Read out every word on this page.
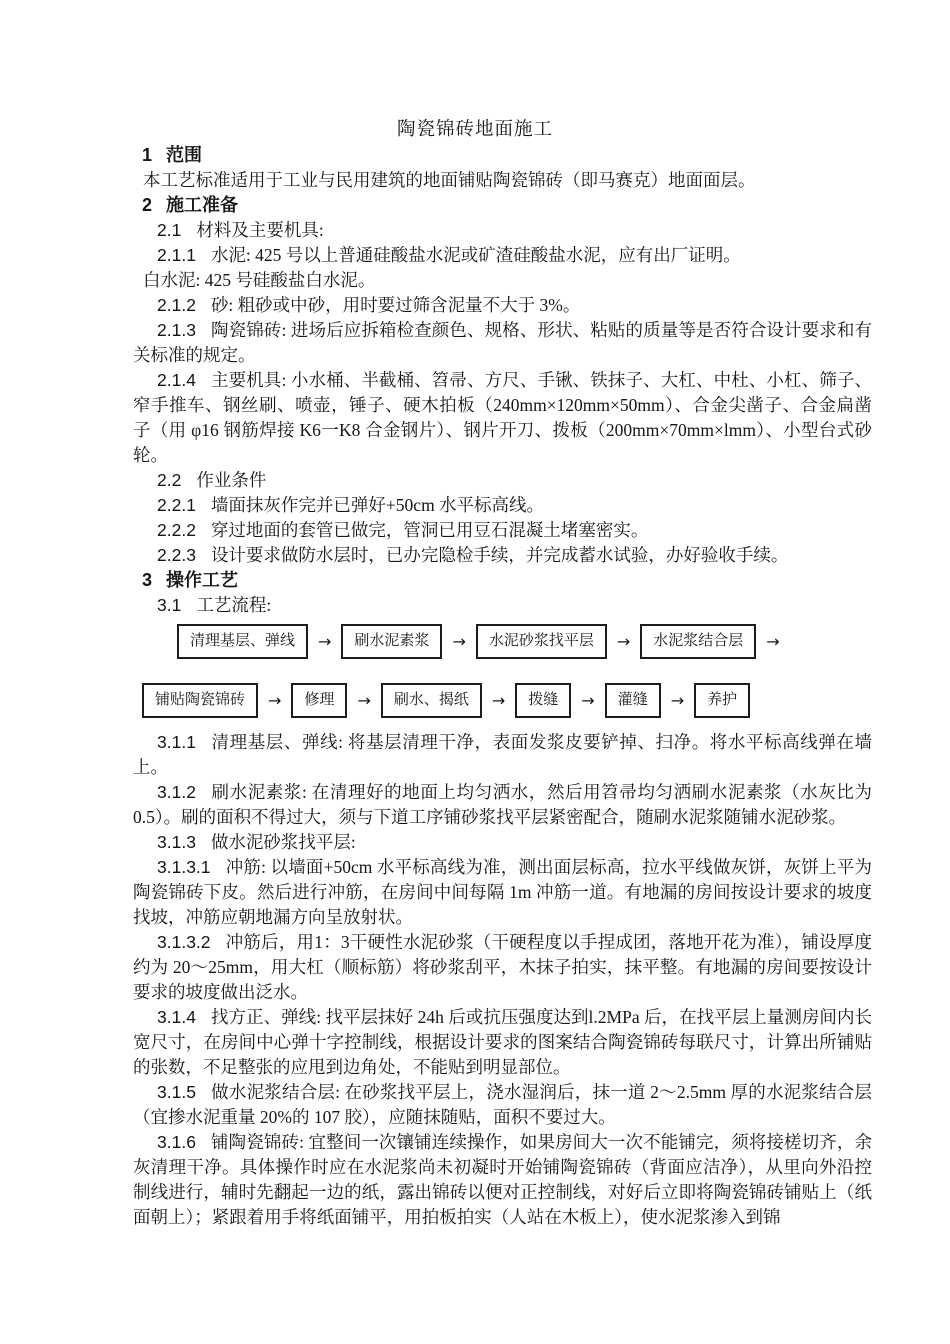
陶瓷锦砖地面施工
1 范围

本工艺标准适用于工业与民用建筑的地面铺贴陶瓷锦砖（即马赛克）地面面层。

2 施工准备

2.1 材料及主要机具:

2.1.1 水泥: 425 号以上普通硅酸盐水泥或矿渣硅酸盐水泥，应有出厂证明。

白水泥: 425 号硅酸盐白水泥。

2.1.2 砂: 粗砂或中砂，用时要过筛含泥量不大于 3%。

2.1.3 陶瓷锦砖: 进场后应拆箱检查颜色、规格、形状、粘贴的质量等是否符合设计要求和有关标准的规定。

2.1.4 主要机具: 小水桶、半截桶、笤帚、方尺、手锹、铁抹子、大杠、中杜、小杠、筛子、窄手推车、钢丝刷、喷壶，锤子、硬木拍板（240mm×120mm×50mm）、合金尖凿子、合金扁凿子（用 φ16 钢筋焊接 K6一K8 合金钢片）、钢片开刀、拨板（200mm×70mm×lmm）、小型台式砂轮。

2.2 作业条件

2.2.1 墙面抹灰作完并已弹好+50cm 水平标高线。

2.2.2 穿过地面的套管已做完，管洞已用豆石混凝土堵塞密实。

2.2.3 设计要求做防水层时，已办完隐检手续，并完成蓄水试验，办好验收手续。

3 操作工艺

3.1 工艺流程:

清理基层、弹线	→	刷水泥素浆	→	水泥砂浆找平层	→	水泥浆结合层	→
铺贴陶瓷锦砖	→	修理	→	刷水、揭纸	→	拨缝	→	灌缝	→	养护

3.1.1 清理基层、弹线: 将基层清理干净，表面发浆皮要铲掉、扫净。将水平标高线弹在墙上。

3.1.2 刷水泥素浆: 在清理好的地面上均匀洒水，然后用笤帚均匀洒刷水泥素浆（水灰比为 0.5）。刷的面积不得过大，须与下道工序铺砂浆找平层紧密配合，随刷水泥浆随铺水泥砂浆。

3.1.3 做水泥砂浆找平层:

3.1.3.1 冲筋: 以墙面+50cm 水平标高线为准，测出面层标高，拉水平线做灰饼，灰饼上平为陶瓷锦砖下皮。然后进行冲筋，在房间中间每隔 1m 冲筋一道。有地漏的房间按设计要求的坡度找坡，冲筋应朝地漏方向呈放射状。

3.1.3.2 冲筋后，用1：3干硬性水泥砂浆（干硬程度以手捏成团，落地开花为准），铺设厚度约为 20～25mm，用大杠（顺标筋）将砂浆刮平，木抹子拍实，抹平整。有地漏的房间要按设计要求的坡度做出泛水。

3.1.4 找方正、弹线: 找平层抹好 24h 后或抗压强度达到l.2MPa 后，在找平层上量测房间内长宽尺寸，在房间中心弹十字控制线，根据设计要求的图案结合陶瓷锦砖每联尺寸，计算出所铺贴的张数，不足整张的应甩到边角处，不能贴到明显部位。

3.1.5 做水泥浆结合层: 在砂浆找平层上，浇水湿润后，抹一道 2～2.5mm 厚的水泥浆结合层（宜掺水泥重量 20%的 107 胶），应随抹随贴，面积不要过大。

3.1.6 铺陶瓷锦砖: 宜整间一次镶铺连续操作，如果房间大一次不能铺完，须将接槎切齐，余灰清理干净。具体操作时应在水泥浆尚未初凝时开始铺陶瓷锦砖（背面应洁净），从里向外沿控制线进行，辅时先翻起一边的纸，露出锦砖以便对正控制线，对好后立即将陶瓷锦砖铺贴上（纸面朝上）；紧跟着用手将纸面铺平，用拍板拍实（人站在木板上），使水泥浆渗入到锦
